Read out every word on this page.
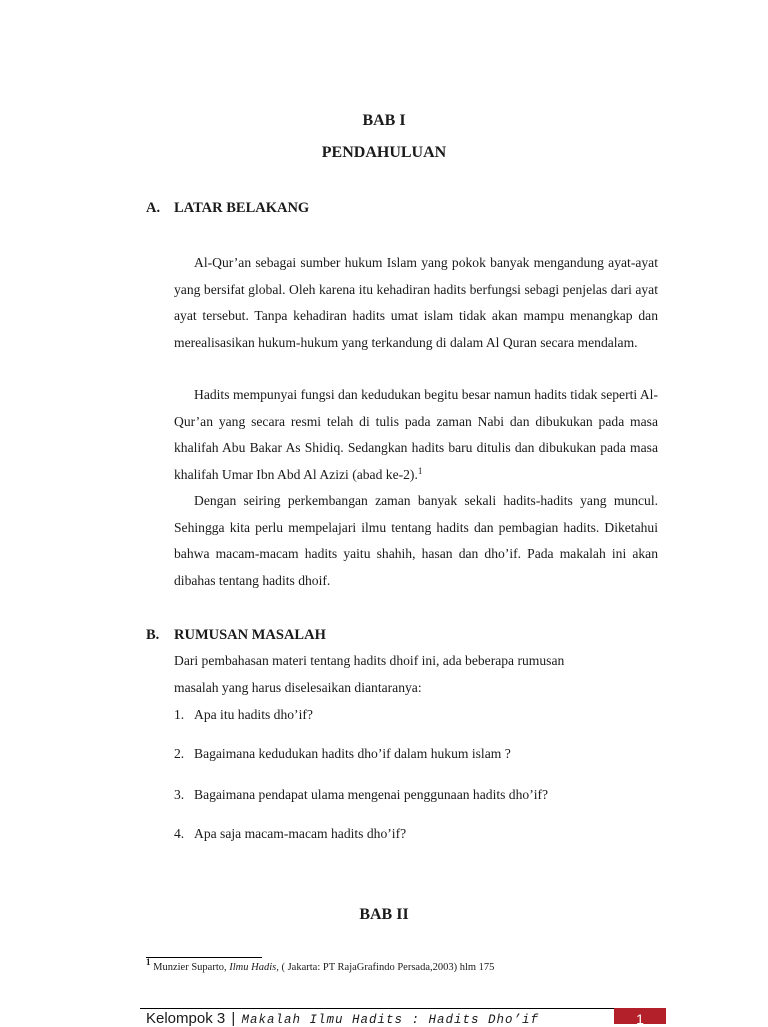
BAB I
PENDAHULUAN
A. LATAR BELAKANG

Al-Qur’an sebagai sumber hukum Islam yang pokok banyak mengandung ayat-ayat yang bersifat global. Oleh karena itu kehadiran hadits berfungsi sebagi penjelas dari ayat ayat tersebut. Tanpa kehadiran hadits umat islam tidak akan mampu menangkap dan merealisasikan hukum-hukum yang terkandung di dalam Al Quran secara mendalam.

Hadits mempunyai fungsi dan kedudukan begitu besar namun hadits tidak seperti Al-Qur’an yang secara resmi telah di tulis pada zaman Nabi dan dibukukan pada masa khalifah Abu Bakar As Shidiq. Sedangkan hadits baru ditulis dan dibukukan pada masa khalifah Umar Ibn Abd Al Azizi (abad ke-2).$^1$

Dengan seiring perkembangan zaman banyak sekali hadits-hadits yang muncul. Sehingga kita perlu mempelajari ilmu tentang hadits dan pembagian hadits. Diketahui bahwa macam-macam hadits yaitu shahih, hasan dan dho’if. Pada makalah ini akan dibahas tentang hadits dhoif.

B. RUMUSAN MASALAH

Dari pembahasan materi tentang hadits dhoif ini, ada beberapa rumusan

masalah yang harus diselesaikan diantaranya:

1. Apa itu hadits dho’if?
2. Bagaimana kedudukan hadits dho’if dalam hukum islam ?
3. Bagaimana pendapat ulama mengenai penggunaan hadits dho’if?
4. Apa saja macam-macam hadits dho’if?
BAB II
$^1$ Munzier Suparto, Ilmu Hadis, ( Jakarta: PT RajaGrafindo Persada,2003) hlm 175
Kelompok 3 | Makalah Ilmu Hadits : Hadits Dho’if	1
